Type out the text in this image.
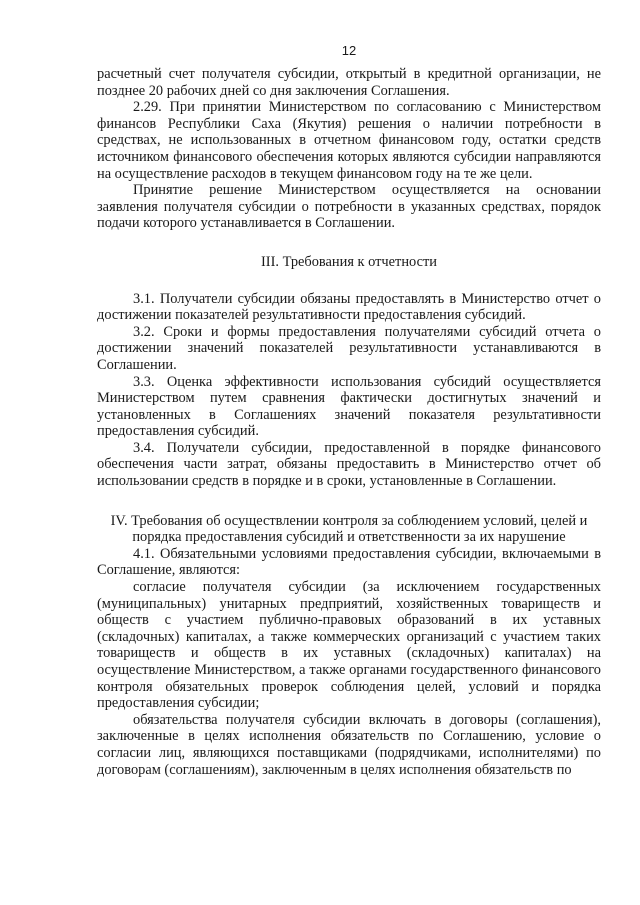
12

расчетный счет получателя субсидии, открытый в кредитной организации, не позднее 20 рабочих дней со дня заключения Соглашения.

2.29. При принятии Министерством по согласованию с Министерством финансов Республики Саха (Якутия) решения о наличии потребности в средствах, не использованных в отчетном финансовом году, остатки средств источником финансового обеспечения которых являются субсидии направляются на осуществление расходов в текущем финансовом году на те же цели.

Принятие решение Министерством осуществляется на основании заявления получателя субсидии о потребности в указанных средствах, порядок подачи которого устанавливается в Соглашении.

III. Требования к отчетности

3.1. Получатели субсидии обязаны предоставлять в Министерство отчет о достижении показателей результативности предоставления субсидий.

3.2. Сроки и формы предоставления получателями субсидий отчета о достижении значений показателей результативности устанавливаются в Соглашении.

3.3. Оценка эффективности использования субсидий осуществляется Министерством путем сравнения фактически достигнутых значений и установленных в Соглашениях значений показателя результативности предоставления субсидий.

3.4. Получатели субсидии, предоставленной в порядке финансового обеспечения части затрат, обязаны предоставить в Министерство отчет об использовании средств в порядке и в сроки, установленные в Соглашении.

IV. Требования об осуществлении контроля за соблюдением условий, целей и порядка предоставления субсидий и ответственности за их нарушение

4.1. Обязательными условиями предоставления субсидии, включаемыми в Соглашение, являются:

согласие получателя субсидии (за исключением государственных (муниципальных) унитарных предприятий, хозяйственных товариществ и обществ с участием публично-правовых образований в их уставных (складочных) капиталах, а также коммерческих организаций с участием таких товариществ и обществ в их уставных (складочных) капиталах) на осуществление Министерством, а также органами государственного финансового контроля обязательных проверок соблюдения целей, условий и порядка предоставления субсидии;

обязательства получателя субсидии включать в договоры (соглашения), заключенные в целях исполнения обязательств по Соглашению, условие о согласии лиц, являющихся поставщиками (подрядчиками, исполнителями) по договорам (соглашениям), заключенным в целях исполнения обязательств по
